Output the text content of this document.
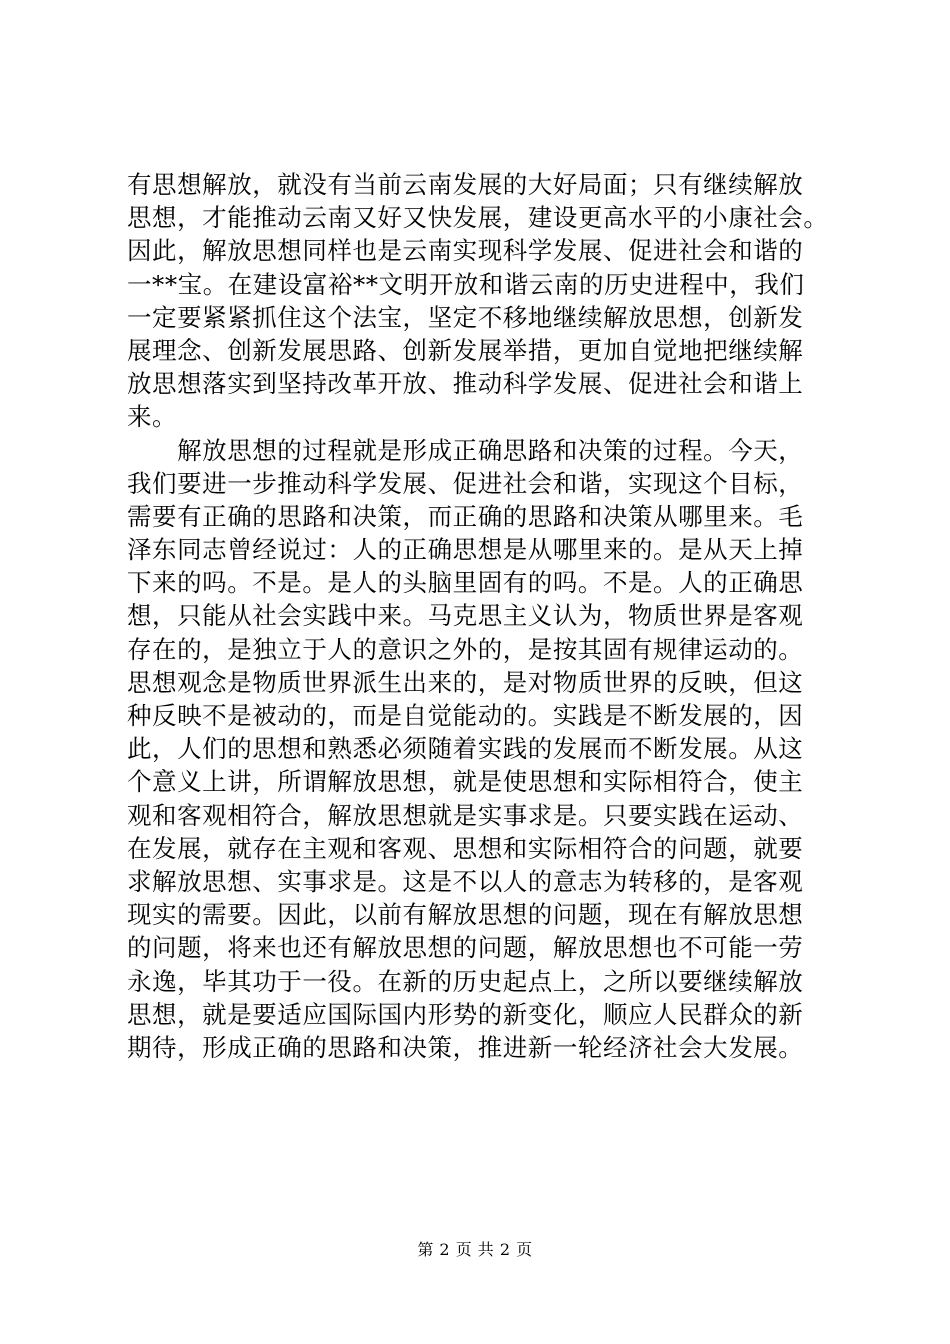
有思想解放，就没有当前云南发展的大好局面；只有继续解放
思想，才能推动云南又好又快发展，建设更高水平的小康社会。
因此，解放思想同样也是云南实现科学发展、促进社会和谐的
一**宝。在建设富裕**文明开放和谐云南的历史进程中，我们
一定要紧紧抓住这个法宝，坚定不移地继续解放思想，创新发
展理念、创新发展思路、创新发展举措，更加自觉地把继续解
放思想落实到坚持改革开放、推动科学发展、促进社会和谐上
来。
　　解放思想的过程就是形成正确思路和决策的过程。今天，
我们要进一步推动科学发展、促进社会和谐，实现这个目标，
需要有正确的思路和决策，而正确的思路和决策从哪里来。毛
泽东同志曾经说过：人的正确思想是从哪里来的。是从天上掉
下来的吗。不是。是人的头脑里固有的吗。不是。人的正确思
想，只能从社会实践中来。马克思主义认为，物质世界是客观
存在的，是独立于人的意识之外的，是按其固有规律运动的。
思想观念是物质世界派生出来的，是对物质世界的反映，但这
种反映不是被动的，而是自觉能动的。实践是不断发展的，因
此，人们的思想和熟悉必须随着实践的发展而不断发展。从这
个意义上讲，所谓解放思想，就是使思想和实际相符合，使主
观和客观相符合，解放思想就是实事求是。只要实践在运动、
在发展，就存在主观和客观、思想和实际相符合的问题，就要
求解放思想、实事求是。这是不以人的意志为转移的，是客观
现实的需要。因此，以前有解放思想的问题，现在有解放思想
的问题，将来也还有解放思想的问题，解放思想也不可能一劳
永逸，毕其功于一役。在新的历史起点上，之所以要继续解放
思想，就是要适应国际国内形势的新变化，顺应人民群众的新
期待，形成正确的思路和决策，推进新一轮经济社会大发展。
第 2 页 共 2 页
